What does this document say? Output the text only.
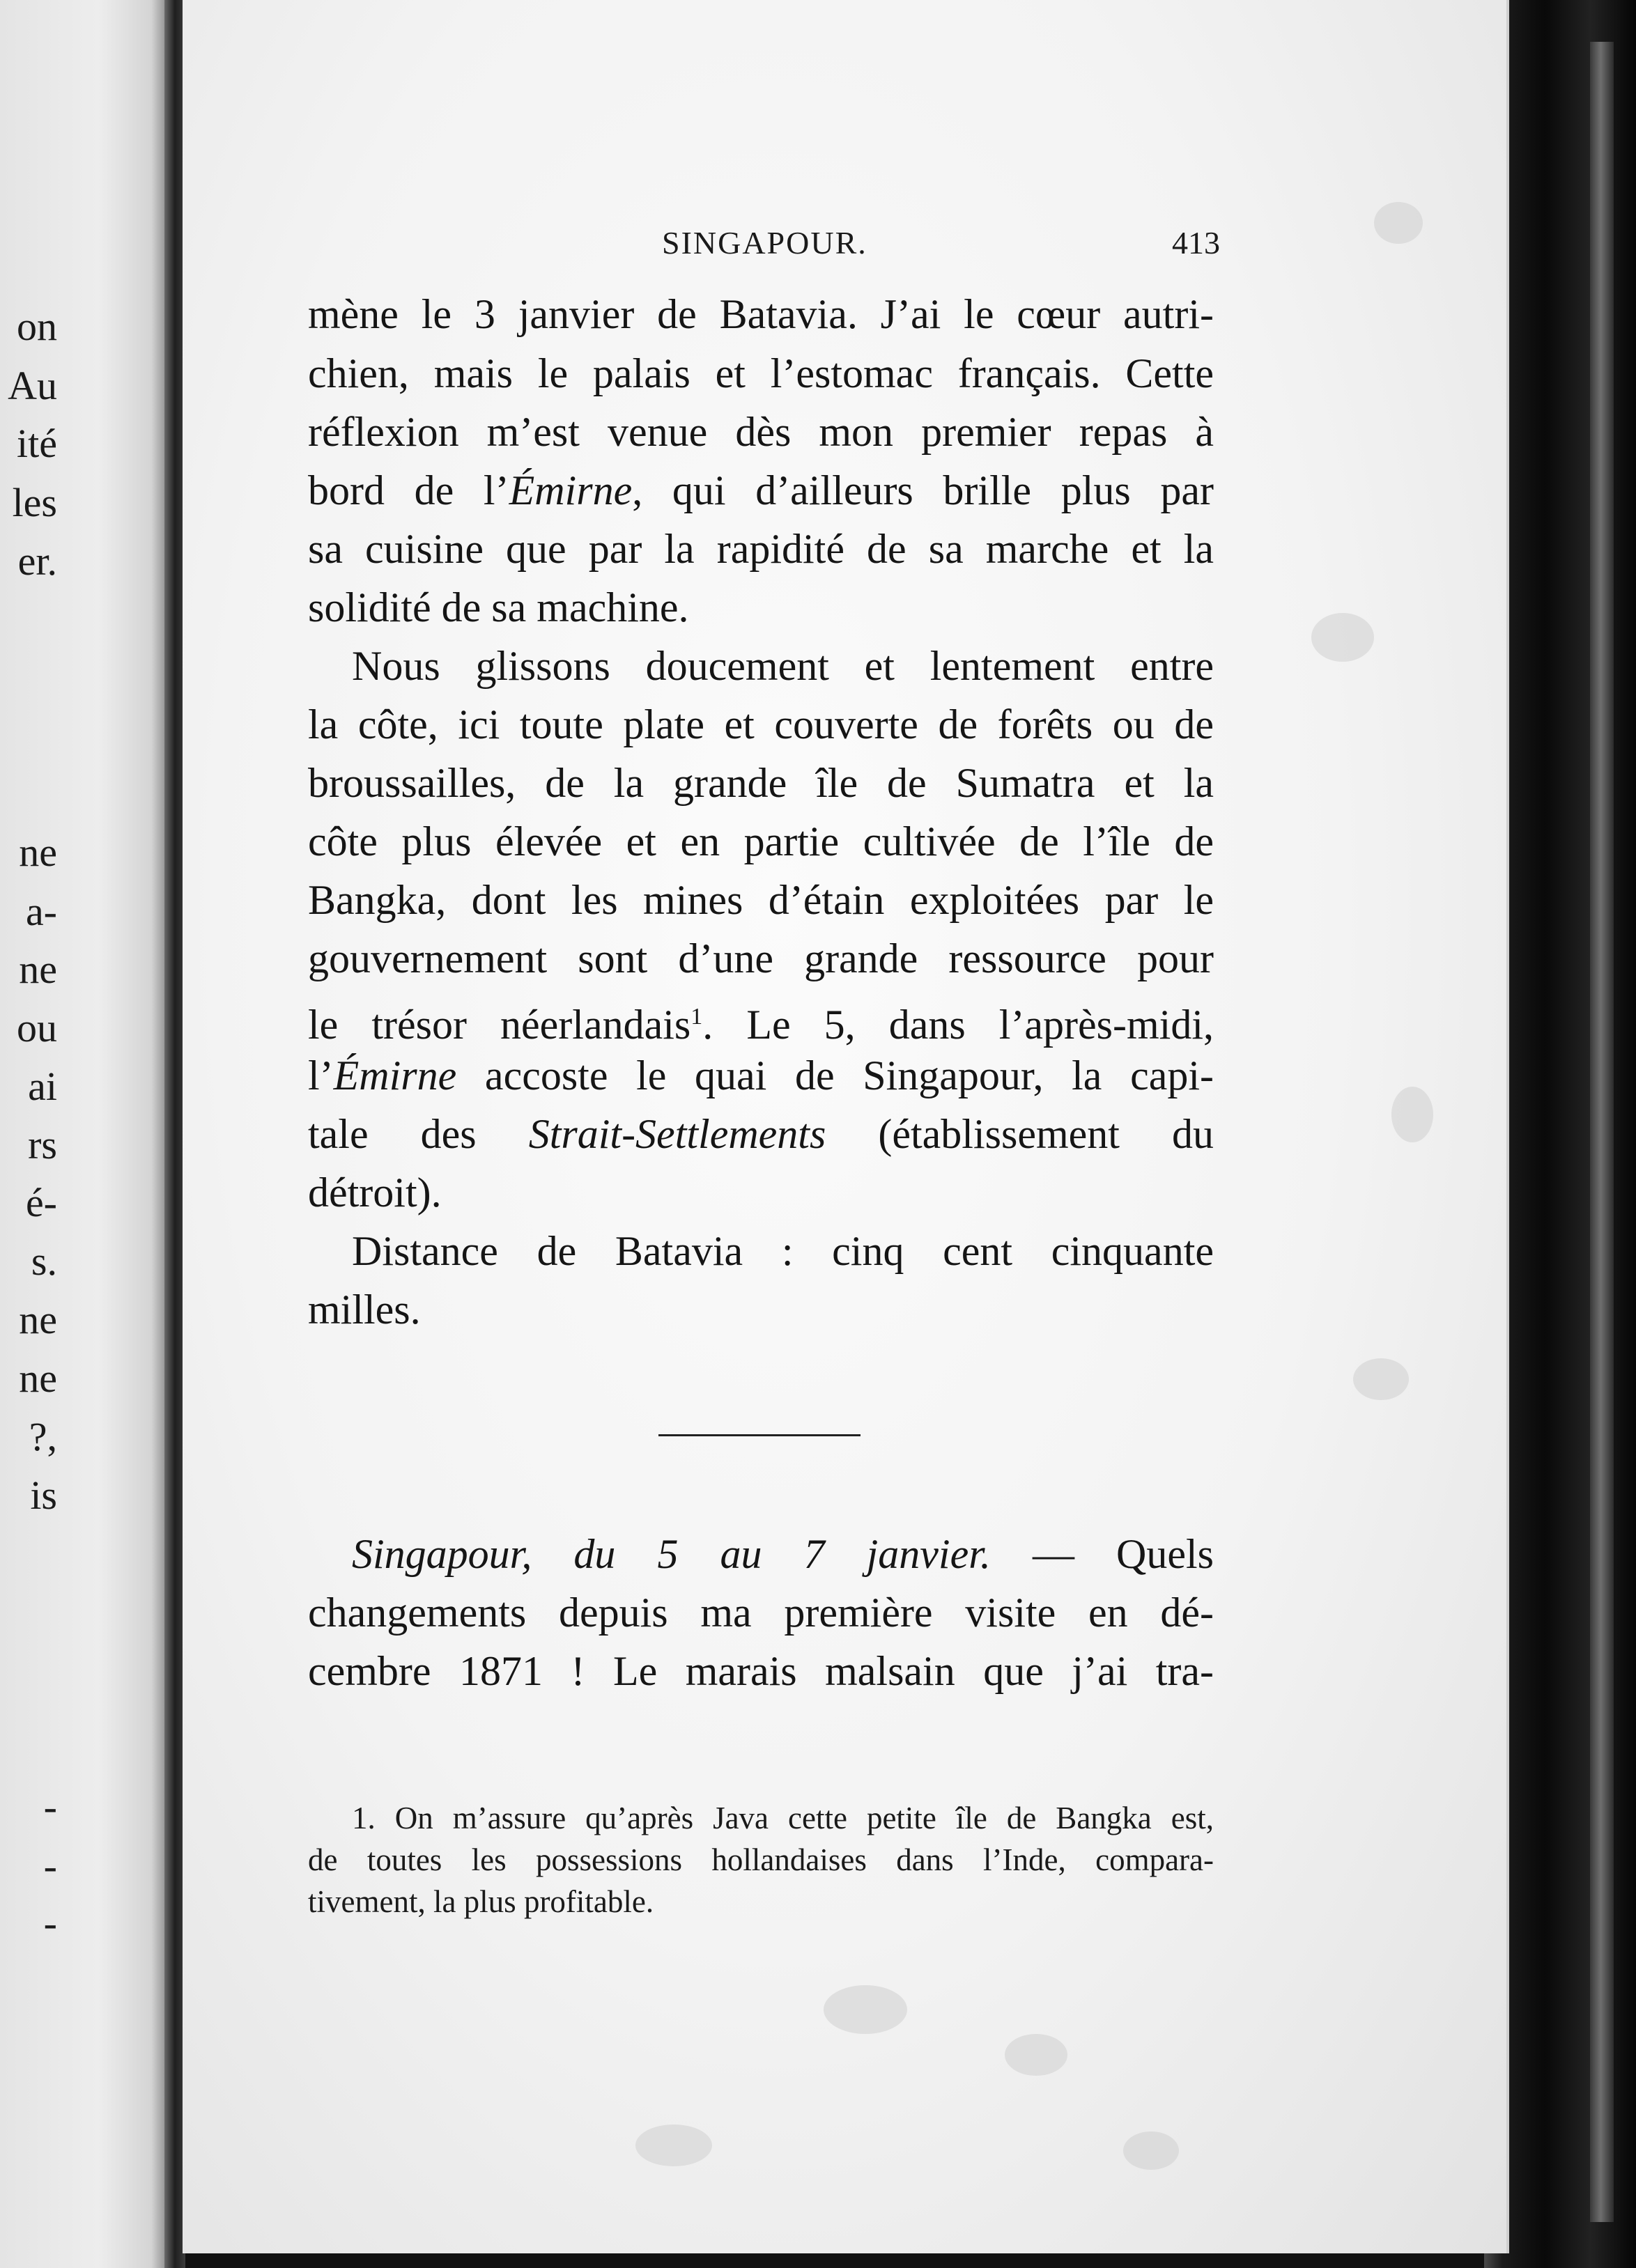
on
Au
ité
les
er.
ne
a-
ne
ou
ai
rs
é-
s.
ne
ne
?,
is
-
-
-
SINGAPOUR.	413
mène le 3 janvier de Batavia. J’ai le cœur autri-
chien, mais le palais et l’estomac français. Cette
réflexion m’est venue dès mon premier repas à
bord de l’Émirne, qui d’ailleurs brille plus par
sa cuisine que par la rapidité de sa marche et la
solidité de sa machine.
Nous glissons doucement et lentement entre
la côte, ici toute plate et couverte de forêts ou de
broussailles, de la grande île de Sumatra et la
côte plus élevée et en partie cultivée de l’île de
Bangka, dont les mines d’étain exploitées par le
gouvernement sont d’une grande ressource pour
le trésor néerlandais$^1$. Le 5, dans l’après-midi,
l’Émirne accoste le quai de Singapour, la capi-
tale des Strait-Settlements (établissement du
détroit).
Distance de Batavia : cinq cent cinquante
milles.
Singapour, du 5 au 7 janvier. — Quels
changements depuis ma première visite en dé-
cembre 1871 ! Le marais malsain que j’ai tra-
1. On m’assure qu’après Java cette petite île de Bangka est,
de toutes les possessions hollandaises dans l’Inde, compara-
tivement, la plus profitable.
